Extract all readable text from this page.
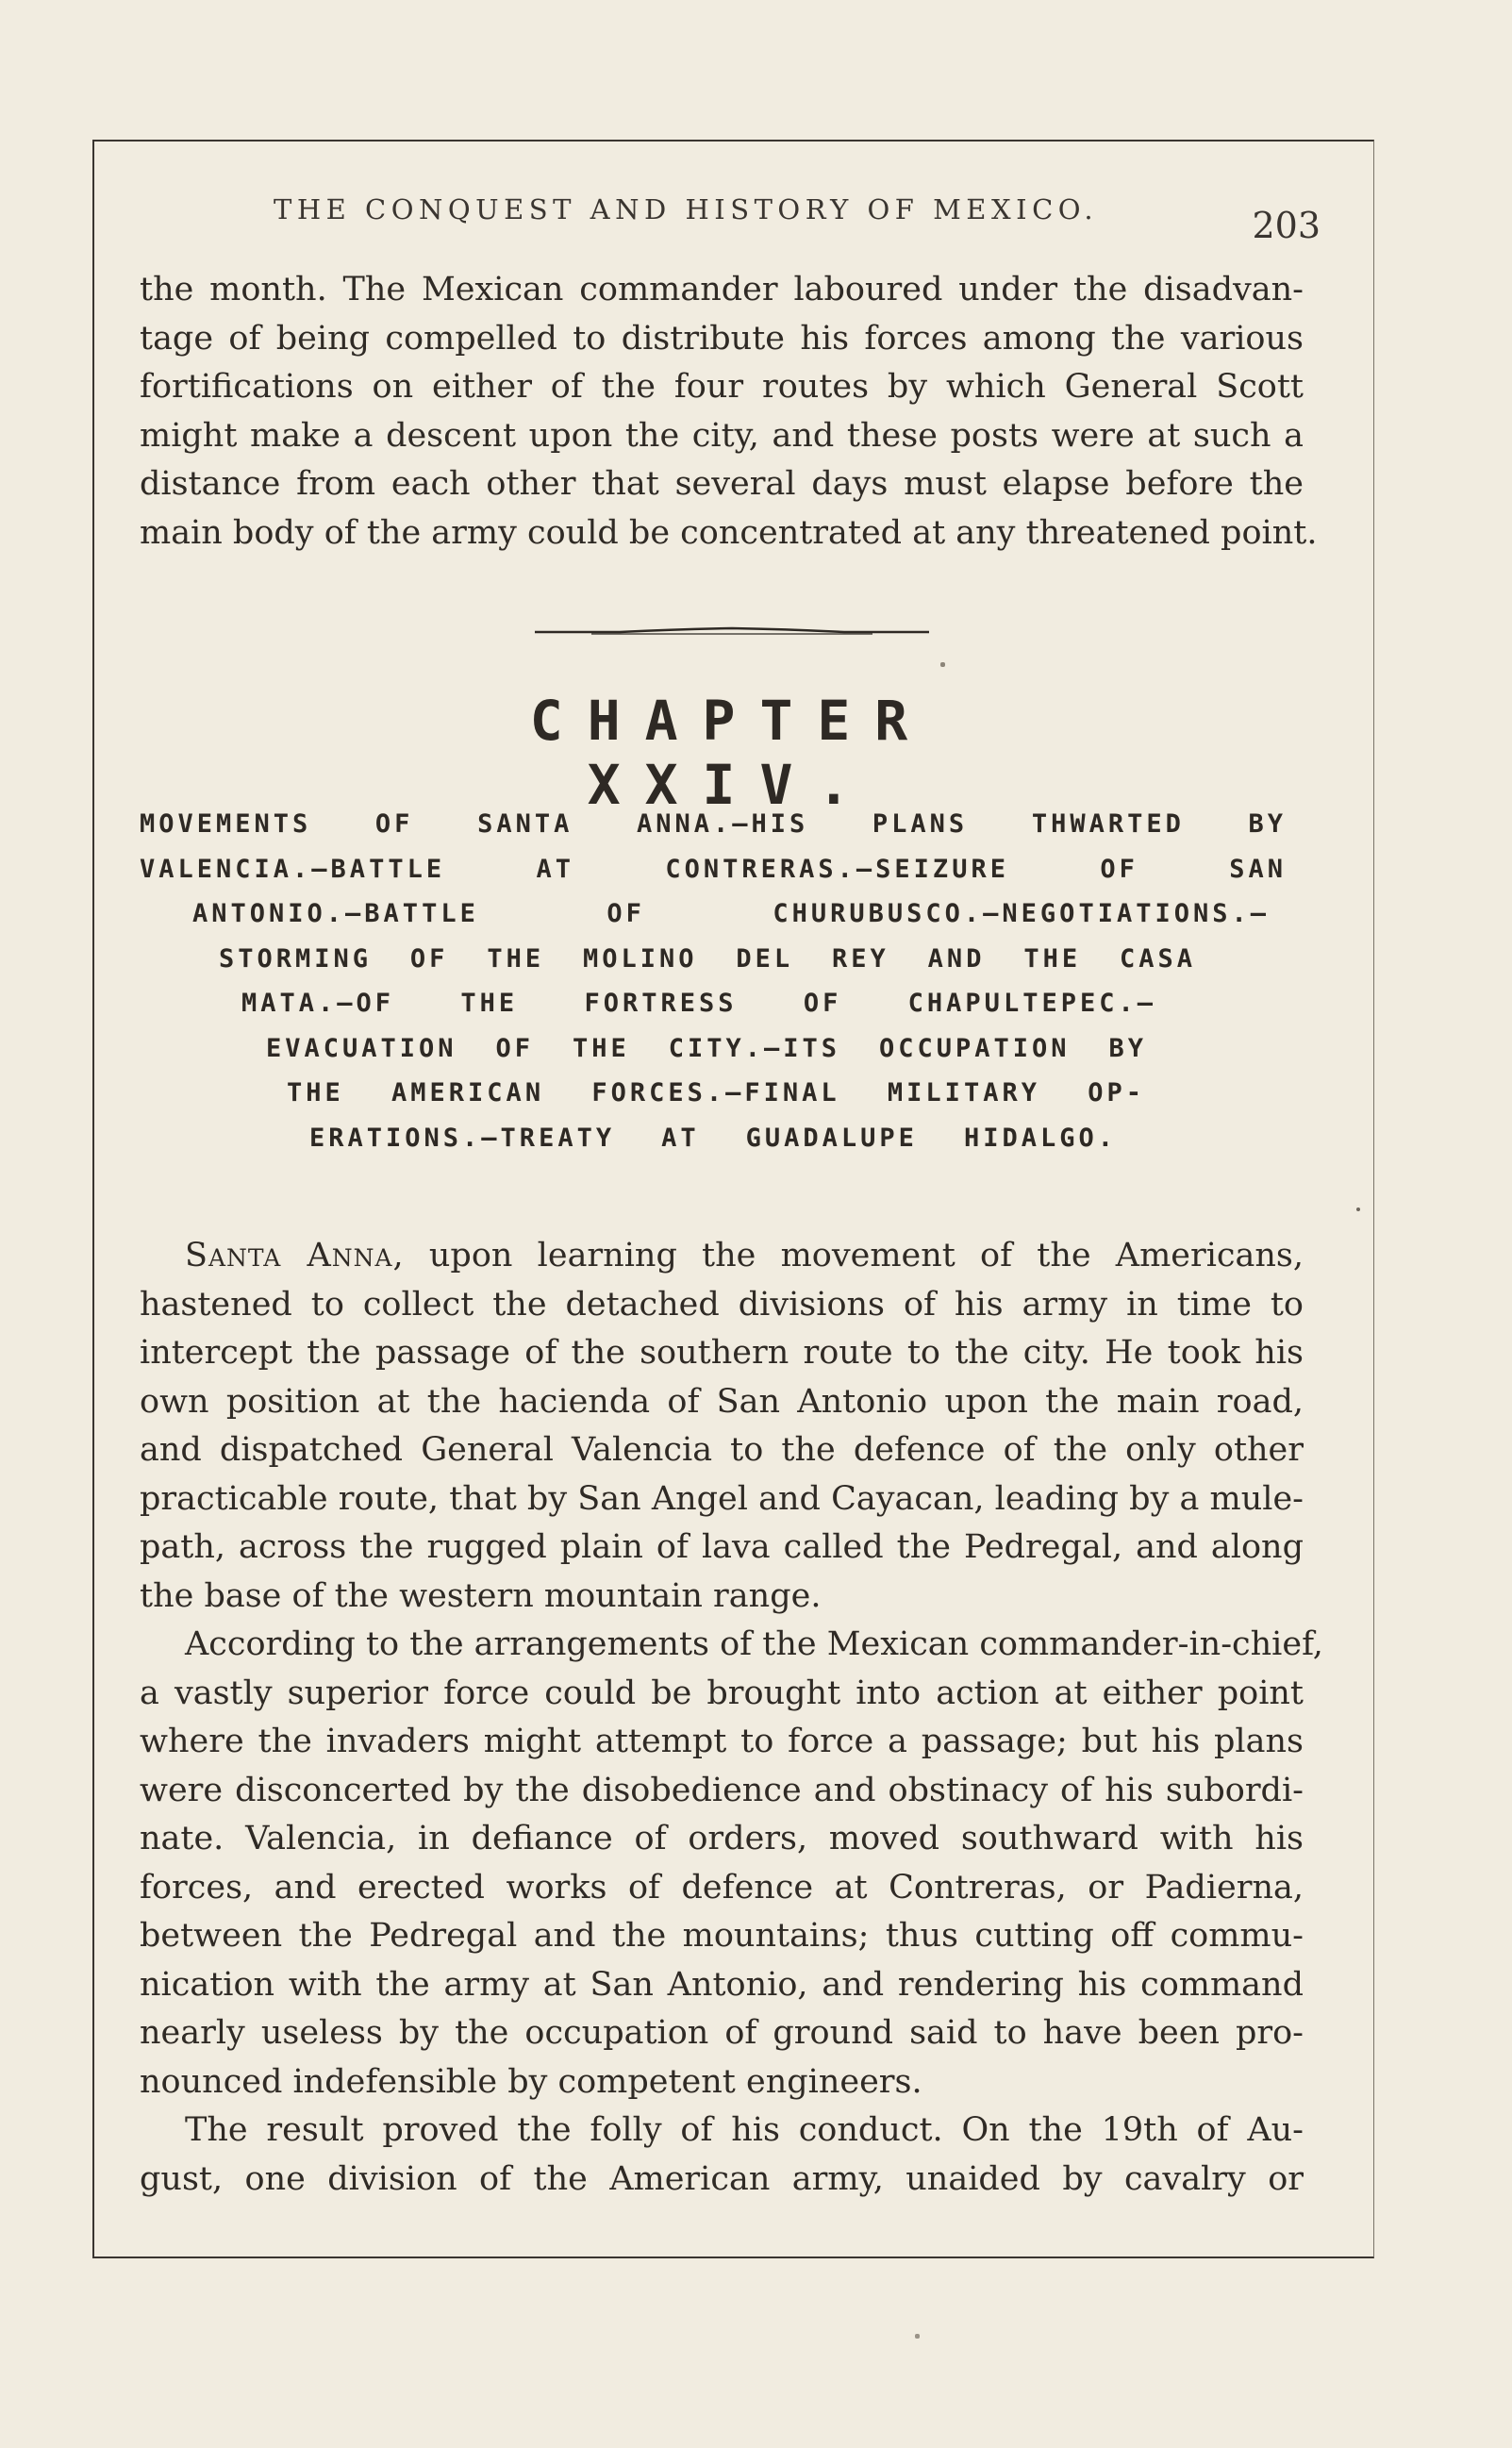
THE CONQUEST AND HISTORY OF MEXICO.	203
the month. The Mexican commander laboured under the disadvan-
tage of being compelled to distribute his forces among the various
fortifications on either of the four routes by which General Scott
might make a descent upon the city, and these posts were at such a
distance from each other that several days must elapse before the
main body of the army could be concentrated at any threatened point.
CHAPTER XXIV.
MOVEMENTS OF SANTA ANNA.—HIS PLANS THWARTED BY
VALENCIA.—BATTLE AT CONTRERAS.—SEIZURE OF SAN
ANTONIO.—BATTLE OF CHURUBUSCO.—NEGOTIATIONS.—
STORMING OF THE MOLINO DEL REY AND THE CASA
MATA.—OF THE FORTRESS OF CHAPULTEPEC.—
EVACUATION OF THE CITY.—ITS OCCUPATION BY
THE AMERICAN FORCES.—FINAL MILITARY OP-
ERATIONS.—TREATY AT GUADALUPE HIDALGO.
Santa Anna, upon learning the movement of the Americans,
hastened to collect the detached divisions of his army in time to
intercept the passage of the southern route to the city. He took his
own position at the hacienda of San Antonio upon the main road,
and dispatched General Valencia to the defence of the only other
practicable route, that by San Angel and Cayacan, leading by a mule-
path, across the rugged plain of lava called the Pedregal, and along
the base of the western mountain range.
According to the arrangements of the Mexican commander-in-chief,
a vastly superior force could be brought into action at either point
where the invaders might attempt to force a passage; but his plans
were disconcerted by the disobedience and obstinacy of his subordi-
nate. Valencia, in defiance of orders, moved southward with his
forces, and erected works of defence at Contreras, or Padierna,
between the Pedregal and the mountains; thus cutting off commu-
nication with the army at San Antonio, and rendering his command
nearly useless by the occupation of ground said to have been pro-
nounced indefensible by competent engineers.
The result proved the folly of his conduct. On the 19th of Au-
gust, one division of the American army, unaided by cavalry or
